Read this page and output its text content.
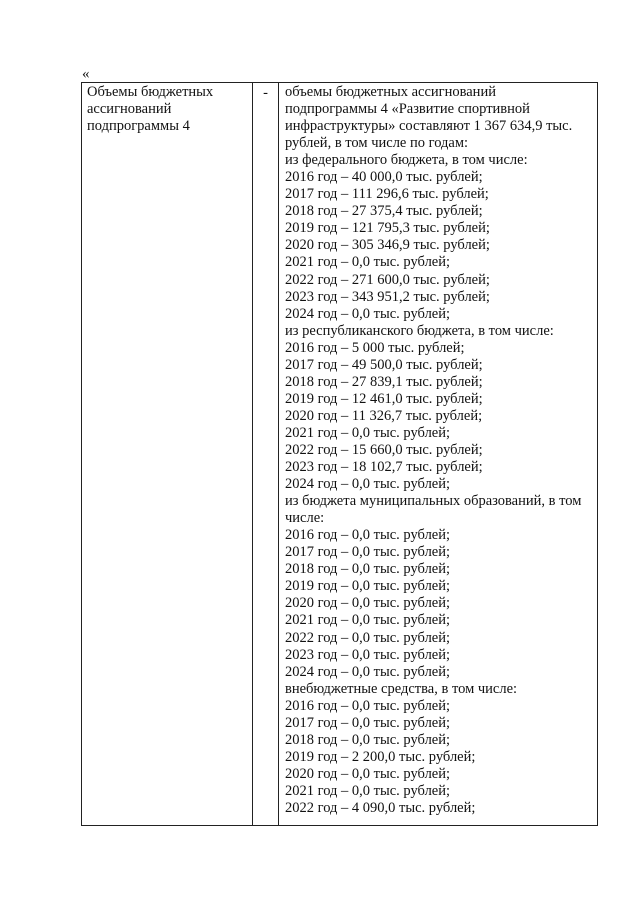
«
Объемы бюджетных
ассигнований
подпрограммы 4
-	объемы бюджетных ассигнований
подпрограммы 4 «Развитие спортивной
инфраструктуры» составляют 1 367 634,9 тыс.
рублей, в том числе по годам:
из федерального бюджета, в том числе:
2016 год – 40 000,0 тыс. рублей;
2017 год – 111 296,6 тыс. рублей;
2018 год – 27 375,4 тыс. рублей;
2019 год – 121 795,3 тыс. рублей;
2020 год – 305 346,9 тыс. рублей;
2021 год – 0,0 тыс. рублей;
2022 год – 271 600,0 тыс. рублей;
2023 год – 343 951,2 тыс. рублей;
2024 год – 0,0 тыс. рублей;
из республиканского бюджета, в том числе:
2016 год – 5 000 тыс. рублей;
2017 год – 49 500,0 тыс. рублей;
2018 год – 27 839,1 тыс. рублей;
2019 год – 12 461,0 тыс. рублей;
2020 год – 11 326,7 тыс. рублей;
2021 год – 0,0 тыс. рублей;
2022 год – 15 660,0 тыс. рублей;
2023 год – 18 102,7 тыс. рублей;
2024 год – 0,0 тыс. рублей;
из бюджета муниципальных образований, в том
числе:
2016 год – 0,0 тыс. рублей;
2017 год – 0,0 тыс. рублей;
2018 год – 0,0 тыс. рублей;
2019 год – 0,0 тыс. рублей;
2020 год – 0,0 тыс. рублей;
2021 год – 0,0 тыс. рублей;
2022 год – 0,0 тыс. рублей;
2023 год – 0,0 тыс. рублей;
2024 год – 0,0 тыс. рублей;
внебюджетные средства, в том числе:
2016 год – 0,0 тыс. рублей;
2017 год – 0,0 тыс. рублей;
2018 год – 0,0 тыс. рублей;
2019 год – 2 200,0 тыс. рублей;
2020 год – 0,0 тыс. рублей;
2021 год – 0,0 тыс. рублей;
2022 год – 4 090,0 тыс. рублей;
